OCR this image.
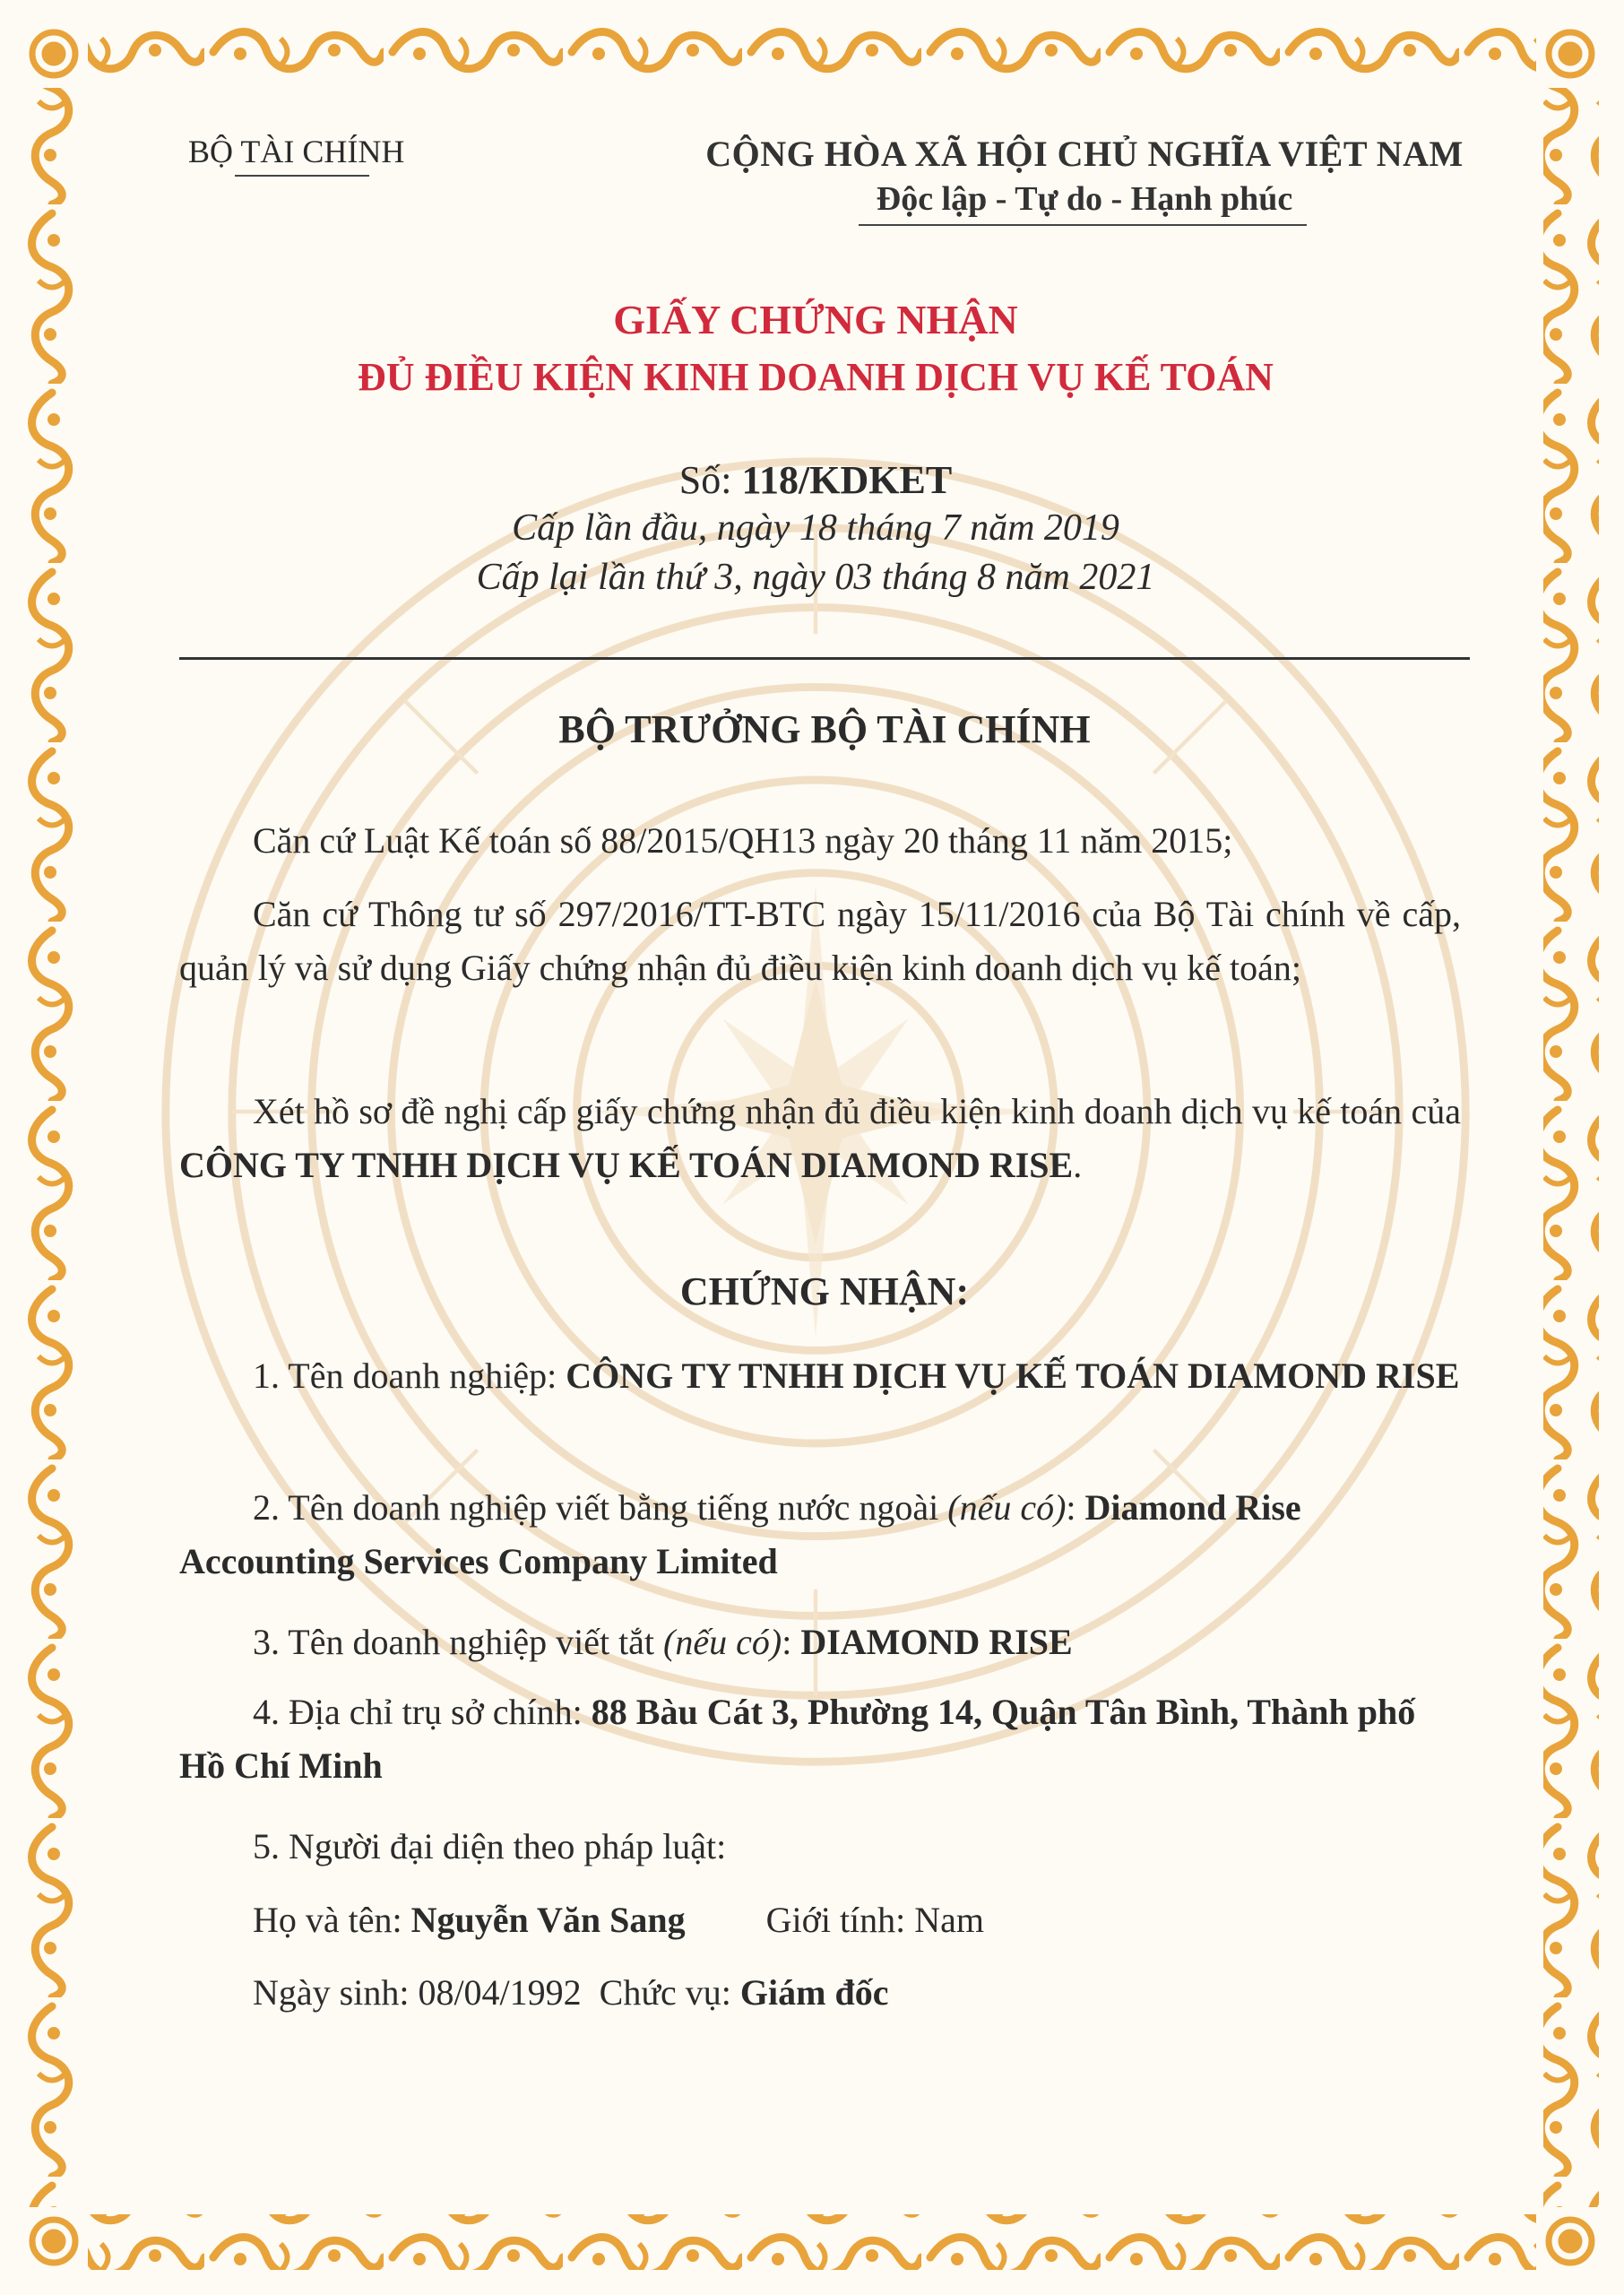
BỘ TÀI CHÍNH	CỘNG HÒA XÃ HỘI CHỦ NGHĨA VIỆT NAM
Độc lập - Tự do - Hạnh phúc
GIẤY CHỨNG NHẬN
ĐỦ ĐIỀU KIỆN KINH DOANH DỊCH VỤ KẾ TOÁN
Số: 118/KDKET
Cấp lần đầu, ngày 18 tháng 7 năm 2019
Cấp lại lần thứ 3, ngày 03 tháng 8 năm 2021
BỘ TRƯỞNG BỘ TÀI CHÍNH
Căn cứ Luật Kế toán số 88/2015/QH13 ngày 20 tháng 11 năm 2015;
Căn cứ Thông tư số 297/2016/TT-BTC ngày 15/11/2016 của Bộ Tài chính về cấp, quản lý và sử dụng Giấy chứng nhận đủ điều kiện kinh doanh dịch vụ kế toán;
Xét hồ sơ đề nghị cấp giấy chứng nhận đủ điều kiện kinh doanh dịch vụ kế toán của CÔNG TY TNHH DỊCH VỤ KẾ TOÁN DIAMOND RISE.
CHỨNG NHẬN:
1. Tên doanh nghiệp: CÔNG TY TNHH DỊCH VỤ KẾ TOÁN DIAMOND RISE
2. Tên doanh nghiệp viết bằng tiếng nước ngoài (nếu có): Diamond Rise Accounting Services Company Limited
3. Tên doanh nghiệp viết tắt (nếu có): DIAMOND RISE
4. Địa chỉ trụ sở chính: 88 Bàu Cát 3, Phường 14, Quận Tân Bình, Thành phố Hồ Chí Minh
5. Người đại diện theo pháp luật:
Họ và tên: Nguyễn Văn Sang Giới tính: Nam
Ngày sinh: 08/04/1992  Chức vụ: Giám đốc
